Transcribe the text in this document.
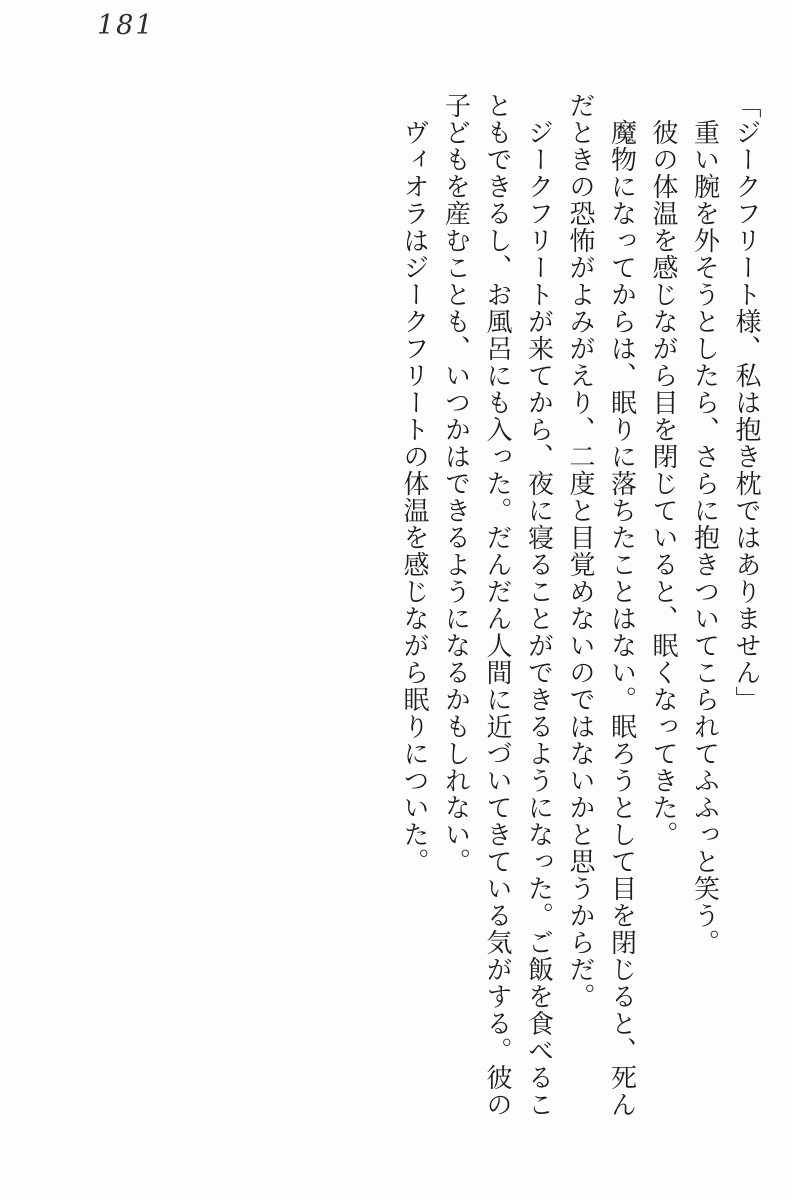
181
「ジークフリート様、私は抱き枕ではありません」
重い腕を外そうとしたら、さらに抱きついてこられてふふっと笑う。
彼の体温を感じながら目を閉じていると、眠くなってきた。
魔物になってからは、眠りに落ちたことはない。眠ろうとして目を閉じると、死ん
だときの恐怖がよみがえり、二度と目覚めないのではないかと思うからだ。
ジークフリートが来てから、夜に寝ることができるようになった。ご飯を食べるこ
ともできるし、お風呂にも入った。だんだん人間に近づいてきている気がする。彼の
子どもを産むことも、いつかはできるようになるかもしれない。
ヴィオラはジークフリートの体温を感じながら眠りについた。
